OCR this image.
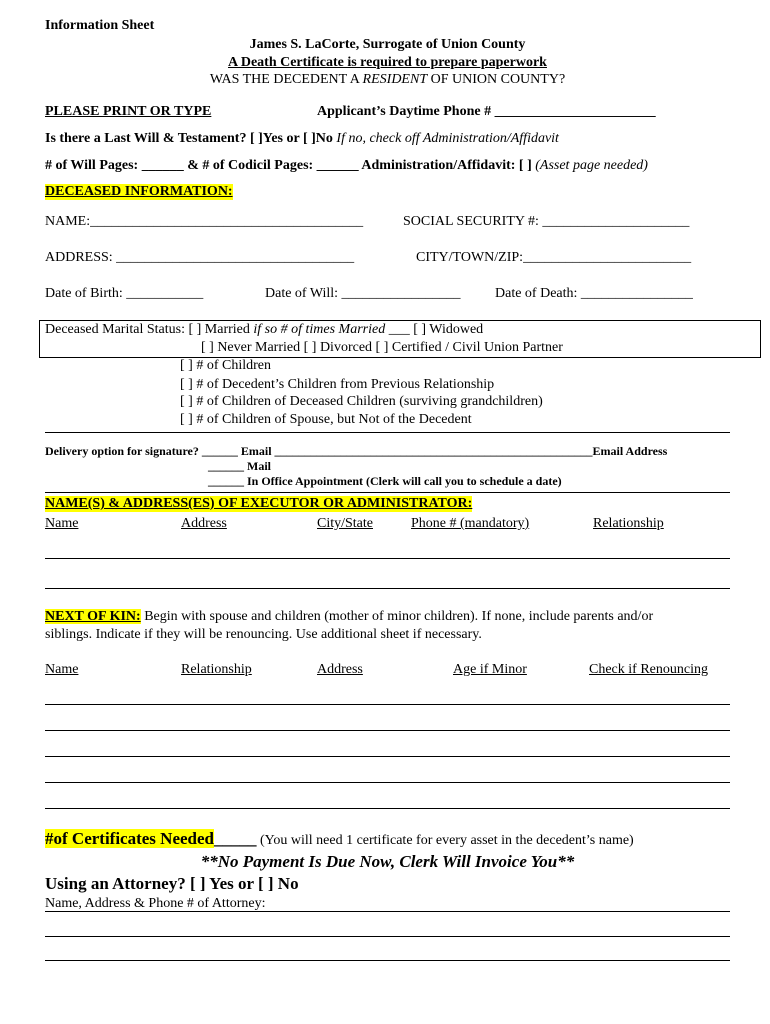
Information Sheet
James S. LaCorte, Surrogate of Union County
A Death Certificate is required to prepare paperwork
WAS THE DECEDENT A RESIDENT OF UNION COUNTY?
PLEASE PRINT OR TYPE	Applicant’s Daytime Phone # _______________________
Is there a Last Will & Testament? [ ]Yes or [ ]No If no, check off Administration/Affidavit
# of Will Pages: ______ & # of Codicil Pages: ______ Administration/Affidavit: [ ] (Asset page needed)
DECEASED INFORMATION:
NAME:_______________________________________	SOCIAL SECURITY #: _____________________
ADDRESS: __________________________________	CITY/TOWN/ZIP:________________________
Date of Birth: ___________	Date of Will: _________________ Date of Death: ________________
Deceased Marital Status: [ ] Married if so # of times Married ___ [ ] Widowed
[ ] Never Married [ ] Divorced [ ] Certified / Civil Union Partner
[ ] # of Children
[ ] # of Decedent’s Children from Previous Relationship
[ ] # of Children of Deceased Children (surviving grandchildren)
[ ] # of Children of Spouse, but Not of the Decedent
Delivery option for signature? ______ Email _____________________________________________________Email Address
______ Mail
______ In Office Appointment (Clerk will call you to schedule a date)
NAME(S) & ADDRESS(ES) OF EXECUTOR OR ADMINISTRATOR:
Name	Address	City/State	Phone # (mandatory)	Relationship
NEXT OF KIN: Begin with spouse and children (mother of minor children). If none, include parents and/or
siblings. Indicate if they will be renouncing. Use additional sheet if necessary.
Name	Relationship	Address	Age if Minor	Check if Renouncing
#of Certificates Needed_____ (You will need 1 certificate for every asset in the decedent’s name)
**No Payment Is Due Now, Clerk Will Invoice You**
Using an Attorney? [ ] Yes or [ ] No
Name, Address & Phone # of Attorney:
